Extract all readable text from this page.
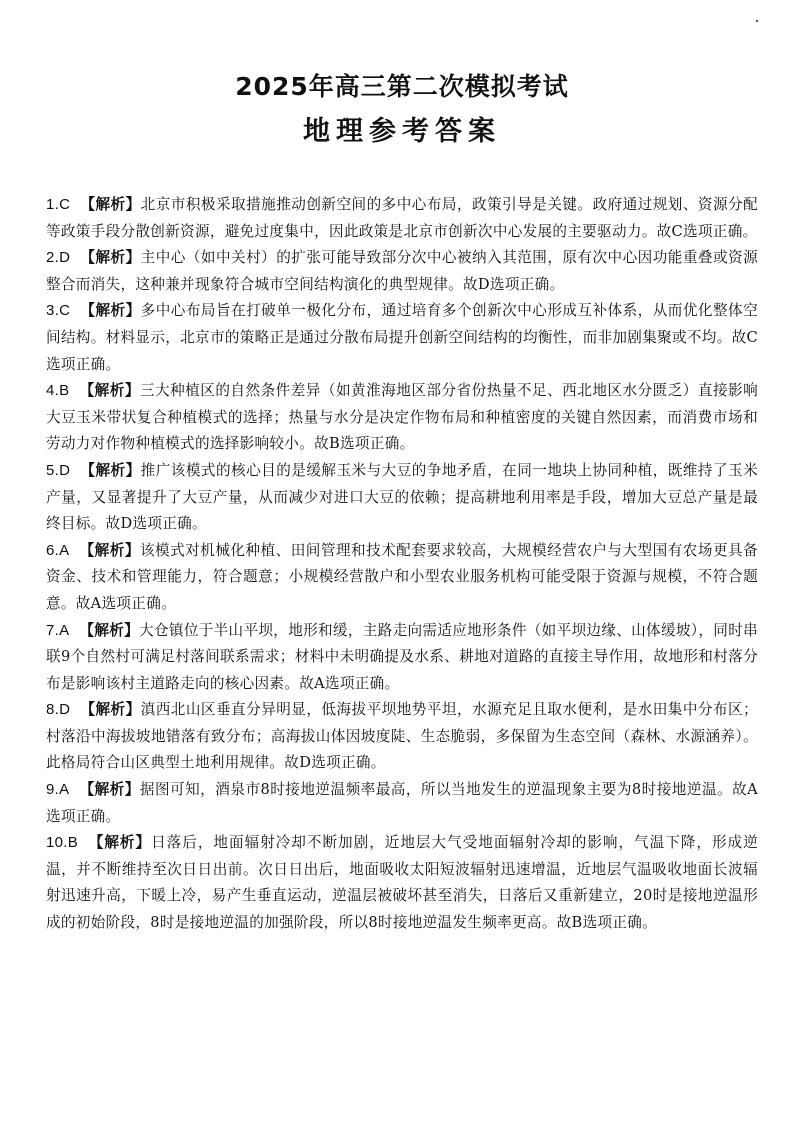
2025年高三第二次模拟考试
地理参考答案

1.C 【解析】北京市积极采取措施推动创新空间的多中心布局，政策引导是关键。政府通过规划、资源分配等政策手段分散创新资源，避免过度集中，因此政策是北京市创新次中心发展的主要驱动力。故C选项正确。

2.D 【解析】主中心（如中关村）的扩张可能导致部分次中心被纳入其范围，原有次中心因功能重叠或资源整合而消失，这种兼并现象符合城市空间结构演化的典型规律。故D选项正确。

3.C 【解析】多中心布局旨在打破单一极化分布，通过培育多个创新次中心形成互补体系，从而优化整体空间结构。材料显示，北京市的策略正是通过分散布局提升创新空间结构的均衡性，而非加剧集聚或不均。故C选项正确。

4.B 【解析】三大种植区的自然条件差异（如黄淮海地区部分省份热量不足、西北地区水分匮乏）直接影响大豆玉米带状复合种植模式的选择；热量与水分是决定作物布局和种植密度的关键自然因素，而消费市场和劳动力对作物种植模式的选择影响较小。故B选项正确。

5.D 【解析】推广该模式的核心目的是缓解玉米与大豆的争地矛盾，在同一地块上协同种植，既维持了玉米产量，又显著提升了大豆产量，从而减少对进口大豆的依赖；提高耕地利用率是手段，增加大豆总产量是最终目标。故D选项正确。

6.A 【解析】该模式对机械化种植、田间管理和技术配套要求较高，大规模经营农户与大型国有农场更具备资金、技术和管理能力，符合题意；小规模经营散户和小型农业服务机构可能受限于资源与规模，不符合题意。故A选项正确。

7.A 【解析】大仓镇位于半山平坝，地形和缓，主路走向需适应地形条件（如平坝边缘、山体缓坡），同时串联9个自然村可满足村落间联系需求；材料中未明确提及水系、耕地对道路的直接主导作用，故地形和村落分布是影响该村主道路走向的核心因素。故A选项正确。

8.D 【解析】滇西北山区垂直分异明显，低海拔平坝地势平坦，水源充足且取水便利，是水田集中分布区；村落沿中海拔坡地错落有致分布；高海拔山体因坡度陡、生态脆弱，多保留为生态空间（森林、水源涵养）。此格局符合山区典型土地利用规律。故D选项正确。

9.A 【解析】据图可知，酒泉市8时接地逆温频率最高，所以当地发生的逆温现象主要为8时接地逆温。故A选项正确。

10.B 【解析】日落后，地面辐射冷却不断加剧，近地层大气受地面辐射冷却的影响，气温下降，形成逆温，并不断维持至次日日出前。次日日出后，地面吸收太阳短波辐射迅速增温，近地层气温吸收地面长波辐射迅速升高，下暖上冷，易产生垂直运动，逆温层被破坏甚至消失，日落后又重新建立，20时是接地逆温形成的初始阶段，8时是接地逆温的加强阶段，所以8时接地逆温发生频率更高。故B选项正确。
